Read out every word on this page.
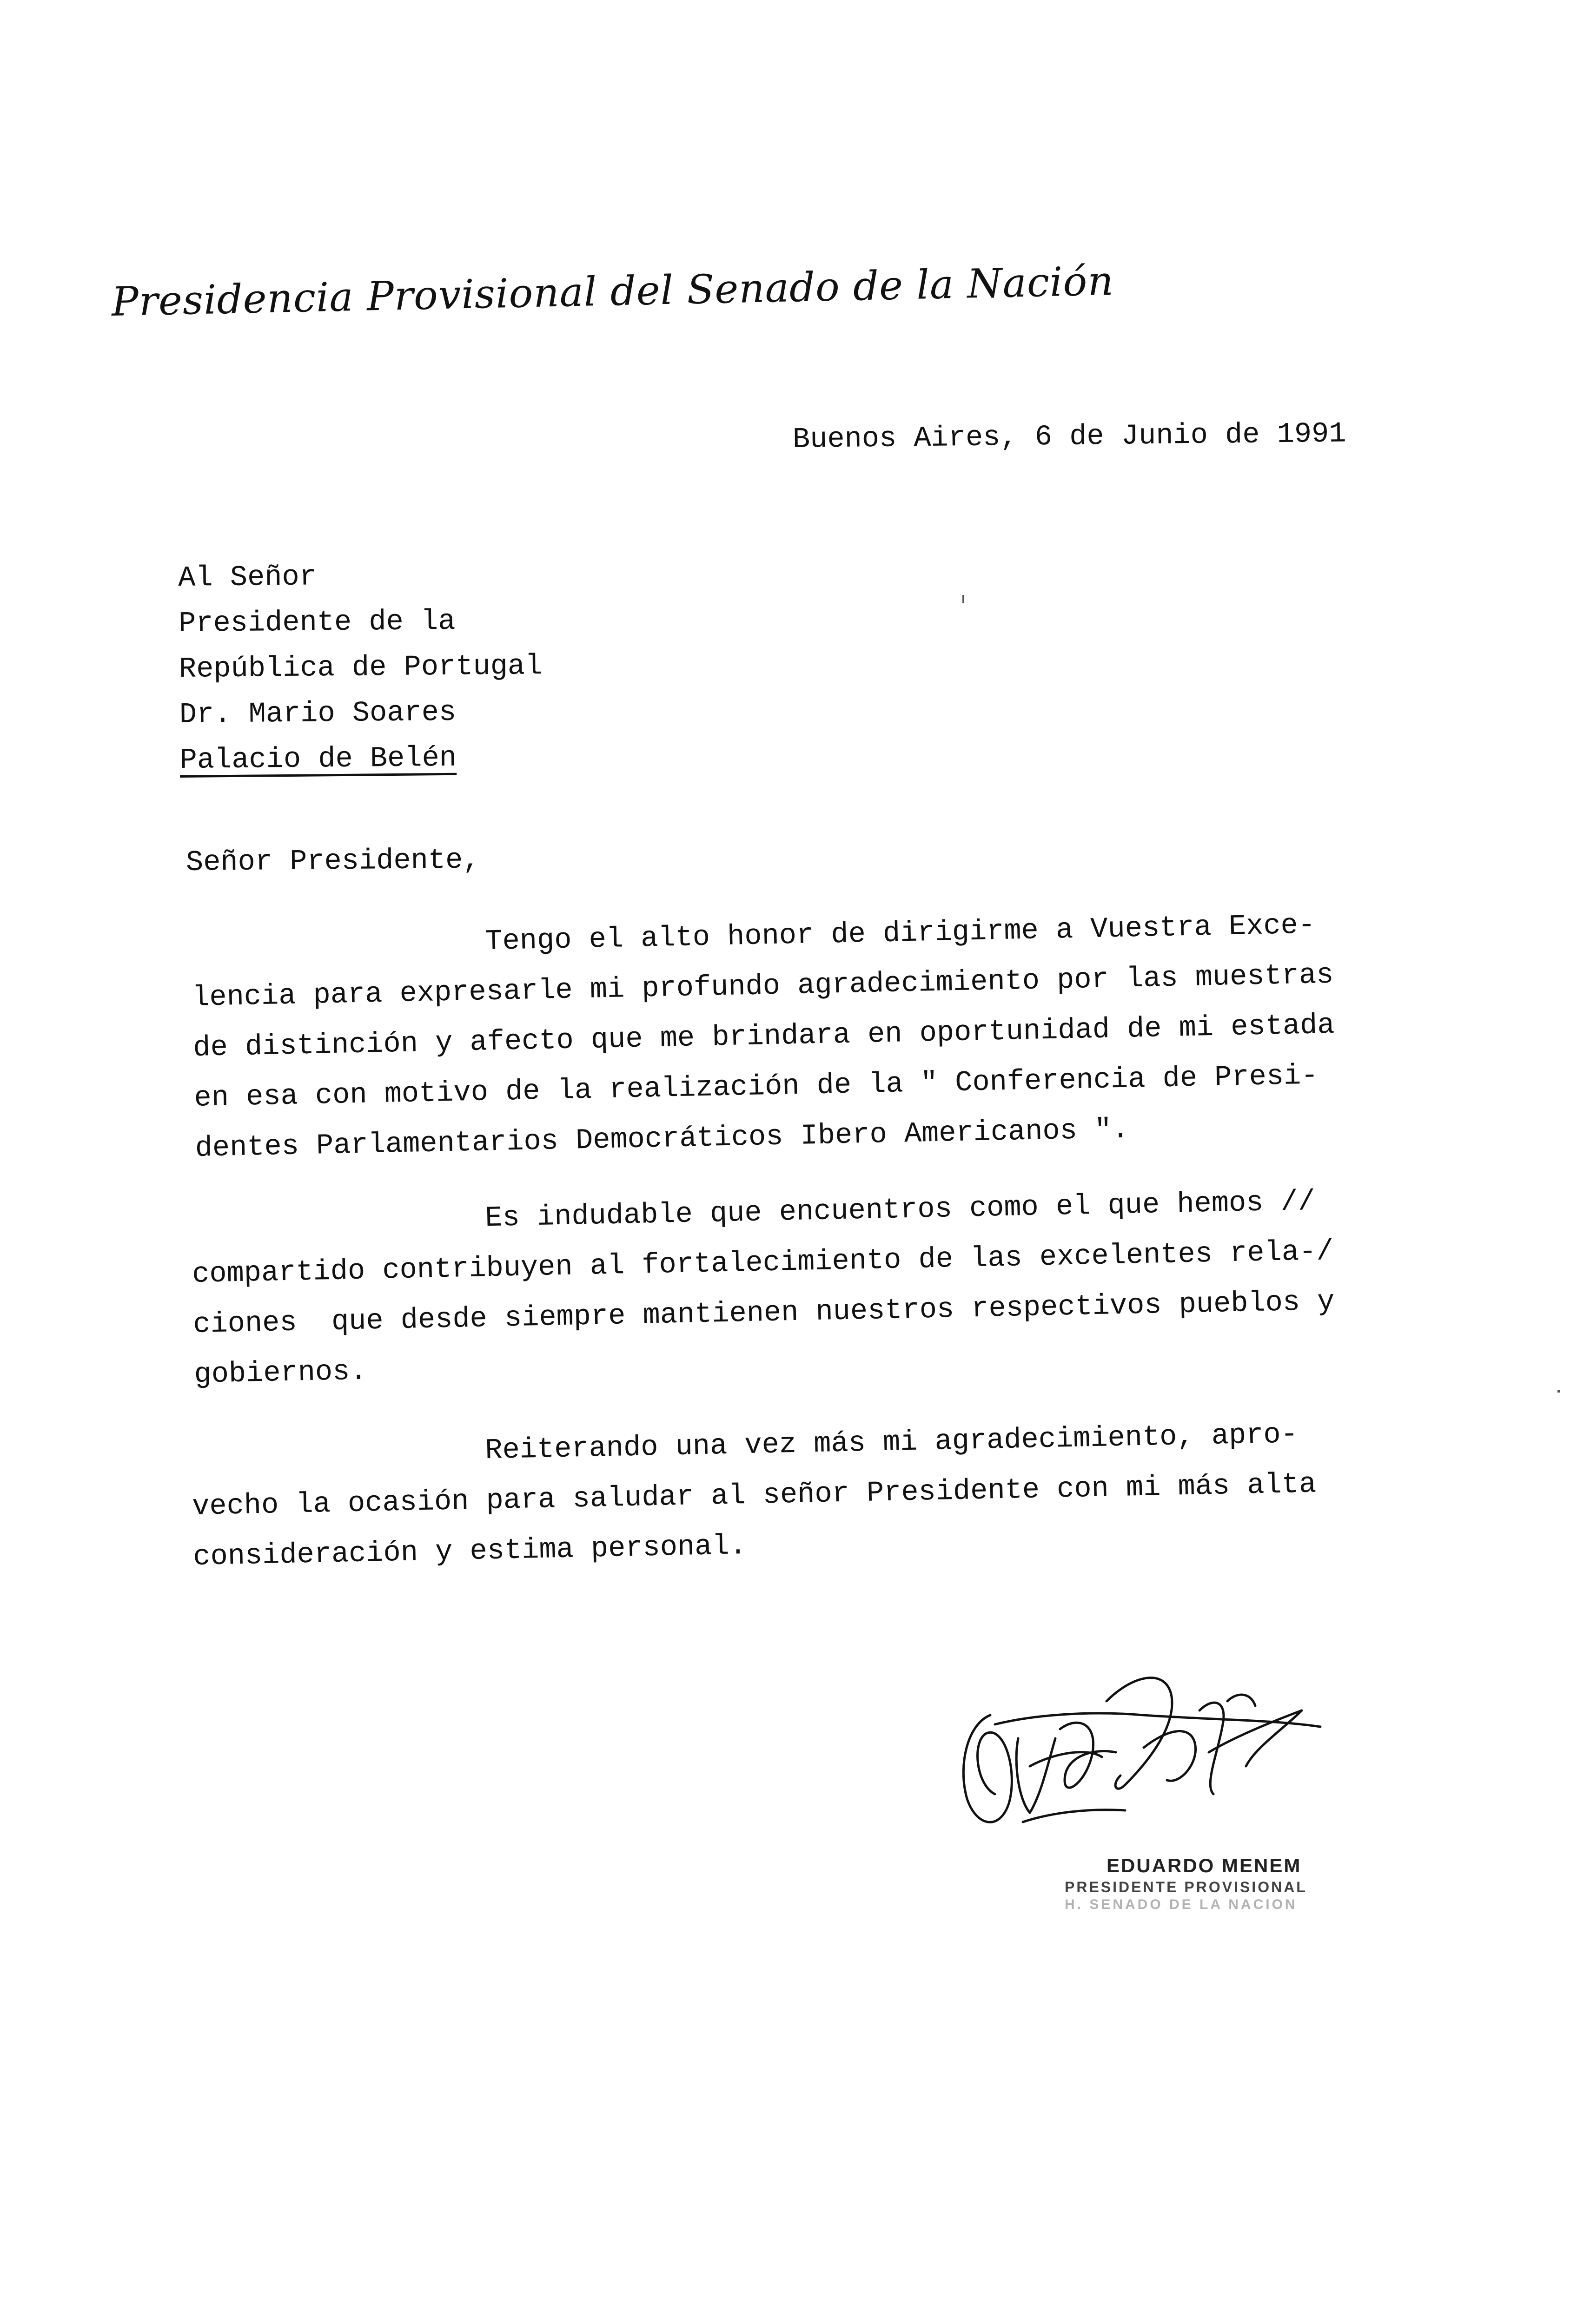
Presidencia Provisional del Senado de la Nación
Buenos Aires, 6 de Junio de 1991
Al Señor
Presidente de la
República de Portugal
Dr. Mario Soares
Palacio de Belén
Señor Presidente,
Tengo el alto honor de dirigirme a Vuestra Exce-
lencia para expresarle mi profundo agradecimiento por las muestras
de distinción y afecto que me brindara en oportunidad de mi estada
en esa con motivo de la realización de la " Conferencia de Presi-
dentes Parlamentarios Democráticos Ibero Americanos ".
Es indudable que encuentros como el que hemos //
compartido contribuyen al fortalecimiento de las excelentes rela-/
ciones  que desde siempre mantienen nuestros respectivos pueblos y
gobiernos.
Reiterando una vez más mi agradecimiento, apro-
vecho la ocasión para saludar al señor Presidente con mi más alta
consideración y estima personal.
EDUARDO MENEM
PRESIDENTE PROVISIONAL
H. SENADO DE LA NACION
